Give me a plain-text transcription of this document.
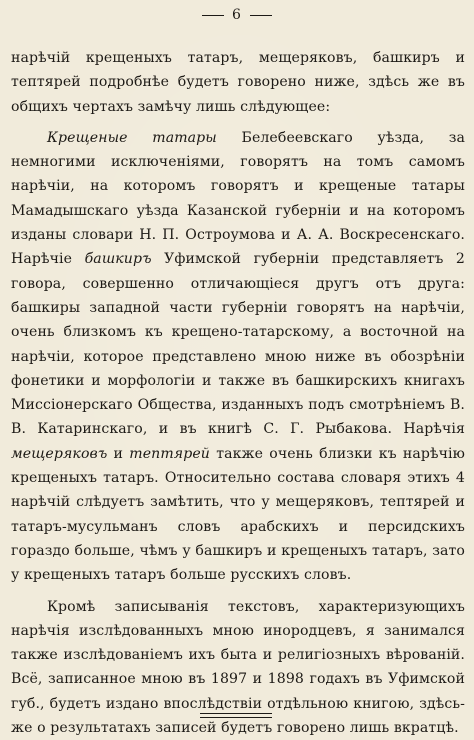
6

нарѣчій крещеныхъ татаръ, мещеряковъ, башкиръ и тептярей подробнѣе будетъ говорено ниже, здѣсь же въ общихъ чертахъ замѣчу лишь слѣдующее:

Крещеные татары Белебеевскаго уѣзда, за немногими исключеніями, говорятъ на томъ самомъ нарѣчіи, на которомъ говорятъ и крещеные татары Мамадышскаго уѣзда Казанской губерніи и на которомъ изданы словари Н. П. Остроумова и А. А. Воскресенскаго. Нарѣчіе башкиръ Уфимской губерніи представляетъ 2 говора, совершенно отличающіеся другъ отъ друга: башкиры западной части губерніи говорятъ на нарѣчіи, очень близкомъ къ крещено-татарскому, а восточной на нарѣчіи, которое представлено мною ниже въ обозрѣніи фонетики и морфологіи и также въ башкирскихъ книгахъ Миссіонерскаго Общества, изданныхъ подъ смотрѣніемъ В. В. Катаринскаго, и въ книгѣ С. Г. Рыбакова. Нарѣчія мещеряковъ и тептярей также очень близки къ нарѣчію крещеныхъ татаръ. Относительно состава словаря этихъ 4 нарѣчій слѣдуетъ замѣтить, что у мещеряковъ, тептярей и татаръ-мусульманъ словъ арабскихъ и персидскихъ гораздо больше, чѣмъ у башкиръ и крещеныхъ татаръ, зато у крещеныхъ татаръ больше русскихъ словъ.

Кромѣ записыванія текстовъ, характеризующихъ нарѣчія изслѣдованныхъ мною инородцевъ, я занимался также изслѣдованіемъ ихъ быта и религіозныхъ вѣрованій. Всё, записанное мною въ 1897 и 1898 годахъ въ Уфимской губ., будетъ издано впослѣдствіи отдѣльною книгою, здѣсь-же о результатахъ записей будетъ говорено лишь вкратцѣ.
